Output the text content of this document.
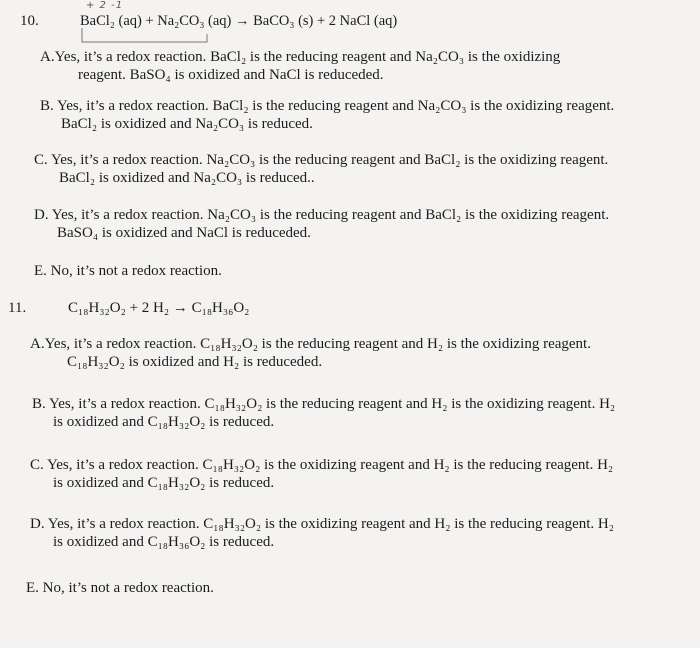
10.
+ 2 -1
BaCl₂ (aq) + Na₂CO₃ (aq) → BaCO₃ (s) + 2 NaCl (aq)
A.Yes, it’s a redox reaction. BaCl₂ is the reducing reagent and Na₂CO₃ is the oxidizing
reagent. BaSO₄ is oxidized and NaCl is reduceded.
B. Yes, it’s a redox reaction. BaCl₂ is the reducing reagent and Na₂CO₃ is the oxidizing reagent.
BaCl₂ is oxidized and Na₂CO₃ is reduced.
C. Yes, it’s a redox reaction. Na₂CO₃ is the reducing reagent and BaCl₂ is the oxidizing reagent.
BaCl₂ is oxidized and Na₂CO₃ is reduced..
D. Yes, it’s a redox reaction. Na₂CO₃ is the reducing reagent and BaCl₂ is the oxidizing reagent.
BaSO₄ is oxidized and NaCl is reduceded.
E. No, it’s not a redox reaction.
11.	C₁₈H₃₂O₂ + 2 H₂ → C₁₈H₃₆O₂
A.Yes, it’s a redox reaction. C₁₈H₃₂O₂ is the reducing reagent and H₂ is the oxidizing reagent.
C₁₈H₃₂O₂ is oxidized and H₂ is reduceded.
B. Yes, it’s a redox reaction. C₁₈H₃₂O₂ is the reducing reagent and H₂ is the oxidizing reagent. H₂
is oxidized and C₁₈H₃₂O₂ is reduced.
C. Yes, it’s a redox reaction. C₁₈H₃₂O₂ is the oxidizing reagent and H₂ is the reducing reagent. H₂
is oxidized and C₁₈H₃₂O₂ is reduced.
D. Yes, it’s a redox reaction. C₁₈H₃₂O₂ is the oxidizing reagent and H₂ is the reducing reagent. H₂
is oxidized and C₁₈H₃₆O₂ is reduced.
E. No, it’s not a redox reaction.
